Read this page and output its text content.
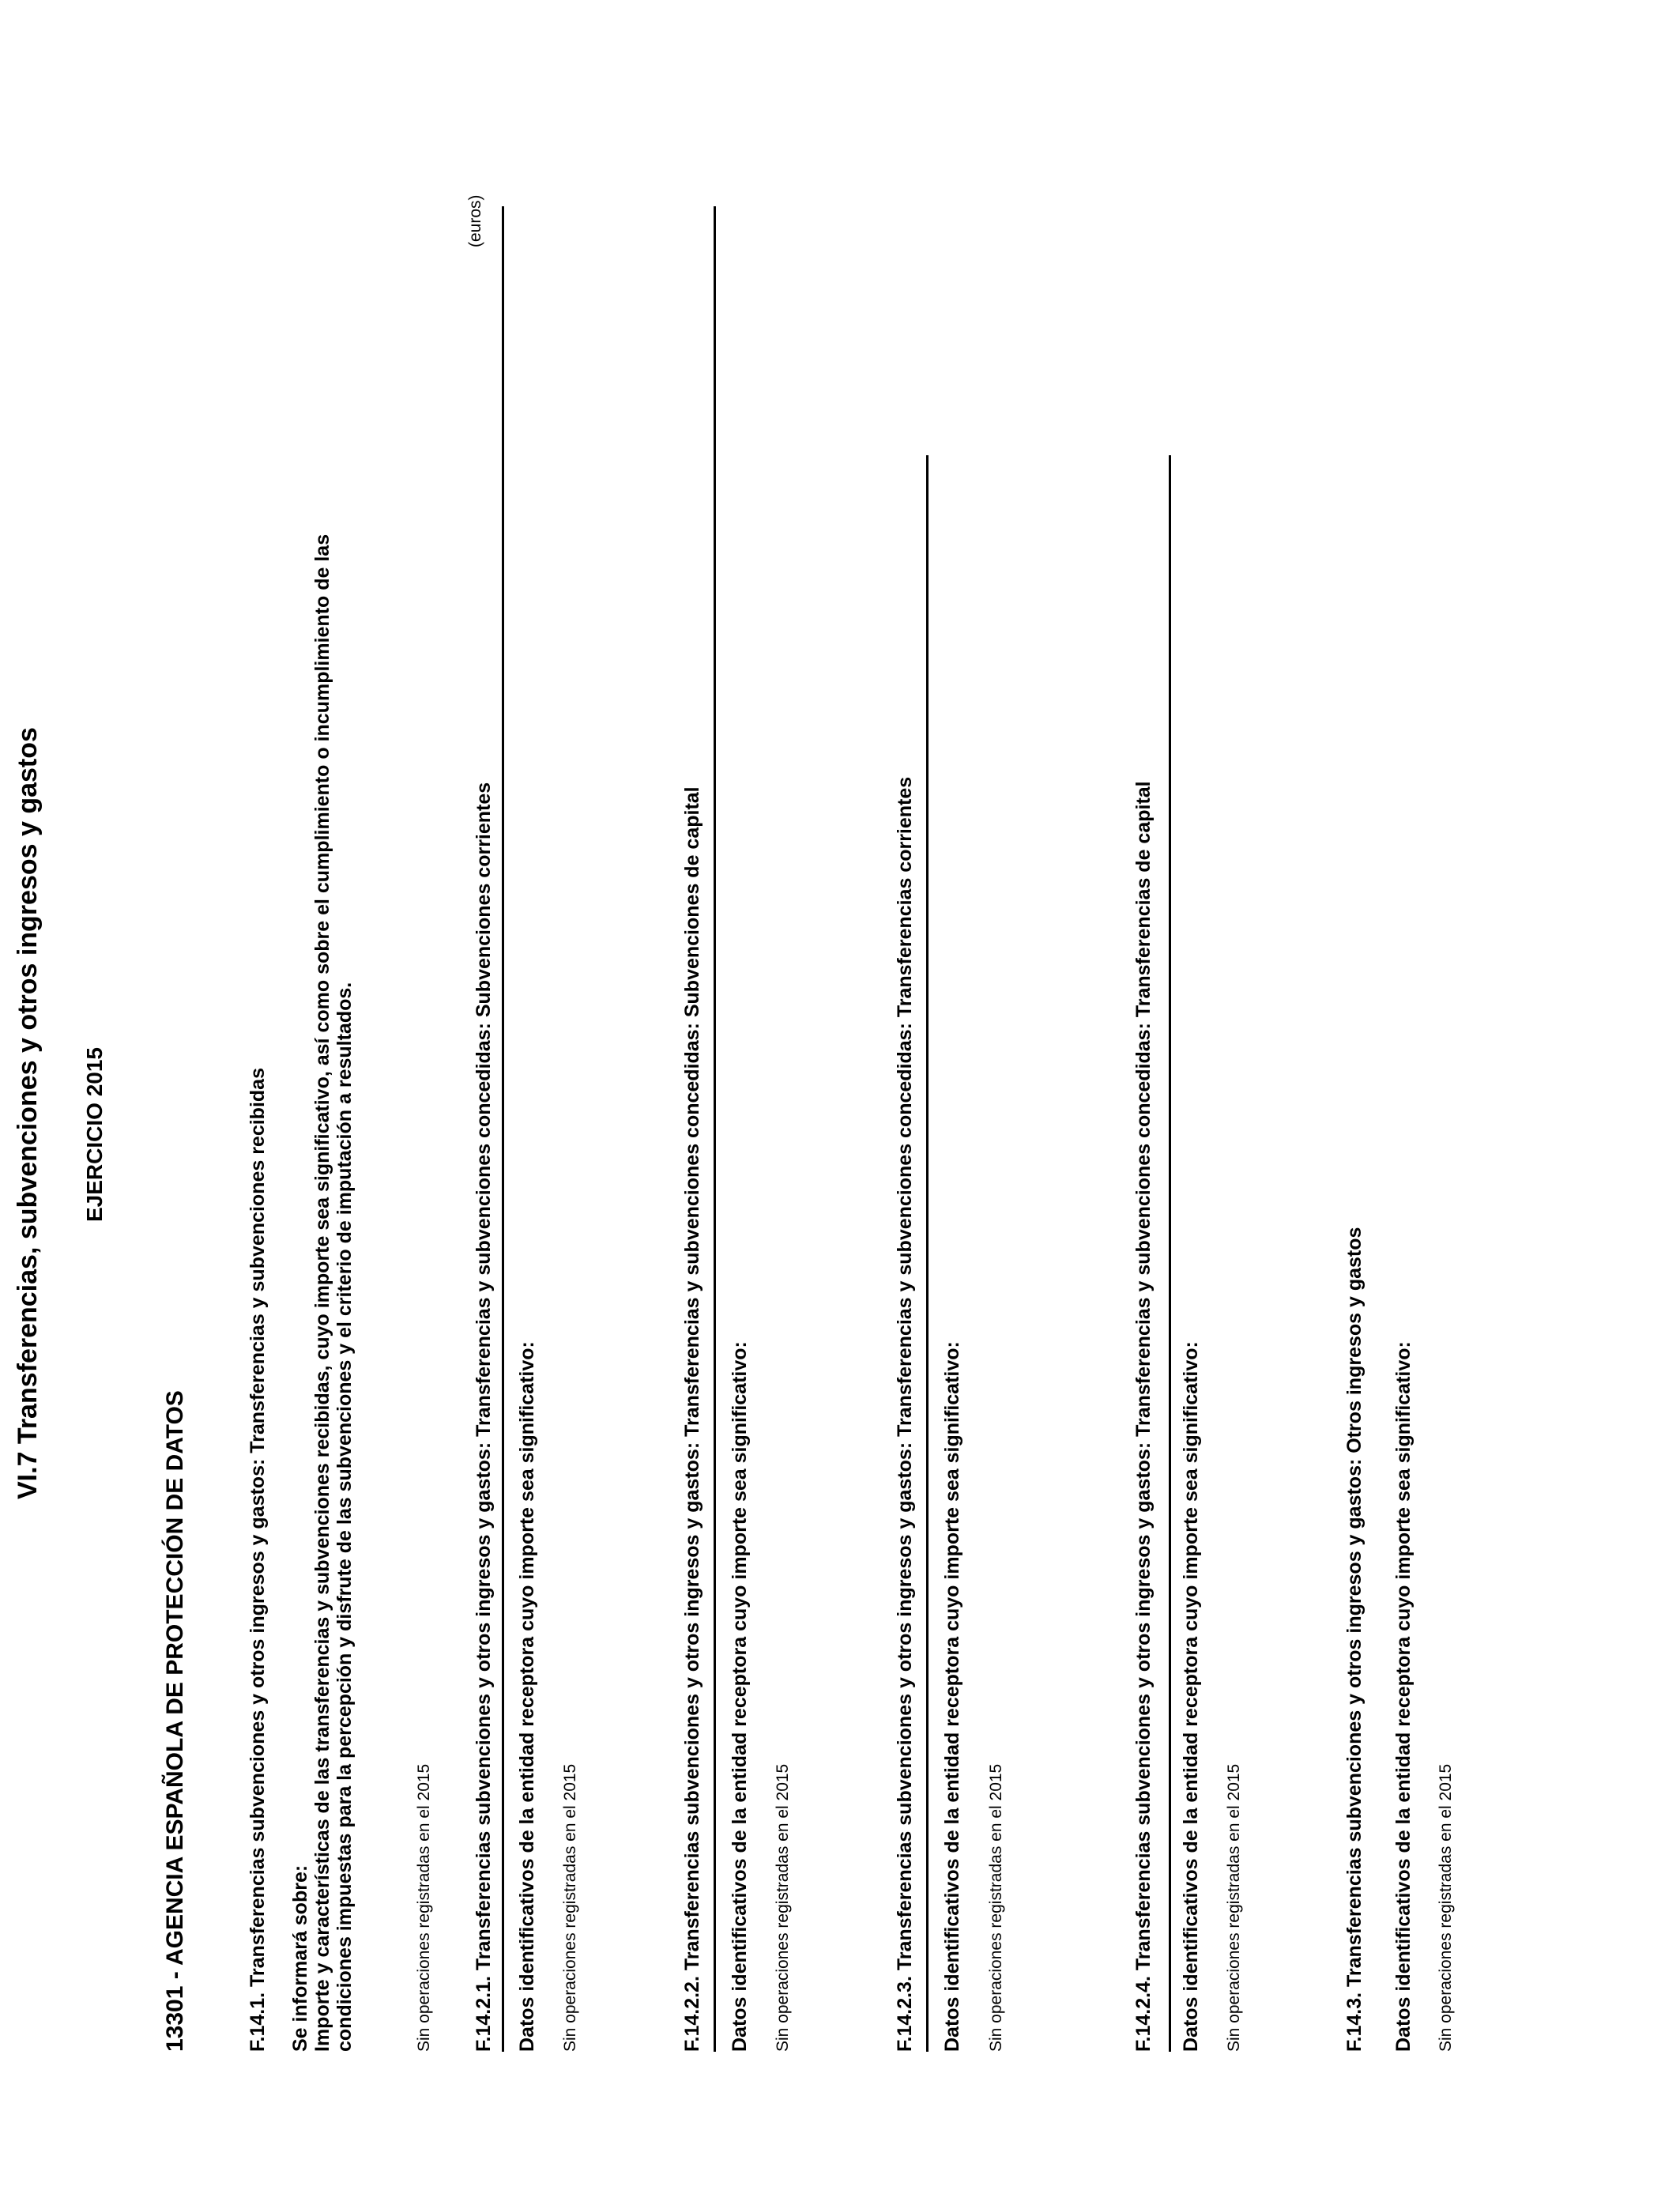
VI.7 Transferencias, subvenciones y otros ingresos y gastos EJERCICIO 2015
13301 - AGENCIA ESPAÑOLA DE PROTECCIÓN DE DATOS	F.14.1. Transferencias subvenciones y otros ingresos y gastos: Transferencias y subvenciones recibidas Se informará sobre: Importe y características de las transferencias y subvenciones recibidas, cuyo importe sea significativo, así como sobre el cumplimiento o incumplimiento de las condiciones impuestas para la percepción y disfrute de las subvenciones y el criterio de imputación a resultados.	Sin operaciones registradas en el 2015
(euros)
F.14.2.1. Transferencias subvenciones y otros ingresos y gastos: Transferencias y subvenciones concedidas: Subvenciones corrientes Datos identificativos de la entidad receptora cuyo importe sea significativo: Sin operaciones registradas en el 2015	F.14.2.2. Transferencias subvenciones y otros ingresos y gastos: Transferencias y subvenciones concedidas: Subvenciones de capital Datos identificativos de la entidad receptora cuyo importe sea significativo: Sin operaciones registradas en el 2015	F.14.2.3. Transferencias subvenciones y otros ingresos y gastos: Transferencias y subvenciones concedidas: Transferencias corrientes Datos identificativos de la entidad receptora cuyo importe sea significativo: Sin operaciones registradas en el 2015	F.14.2.4. Transferencias subvenciones y otros ingresos y gastos: Transferencias y subvenciones concedidas: Transferencias de capital Datos identificativos de la entidad receptora cuyo importe sea significativo: Sin operaciones registradas en el 2015	F.14.3. Transferencias subvenciones y otros ingresos y gastos: Otros ingresos y gastos Datos identificativos de la entidad receptora cuyo importe sea significativo: Sin operaciones registradas en el 2015
